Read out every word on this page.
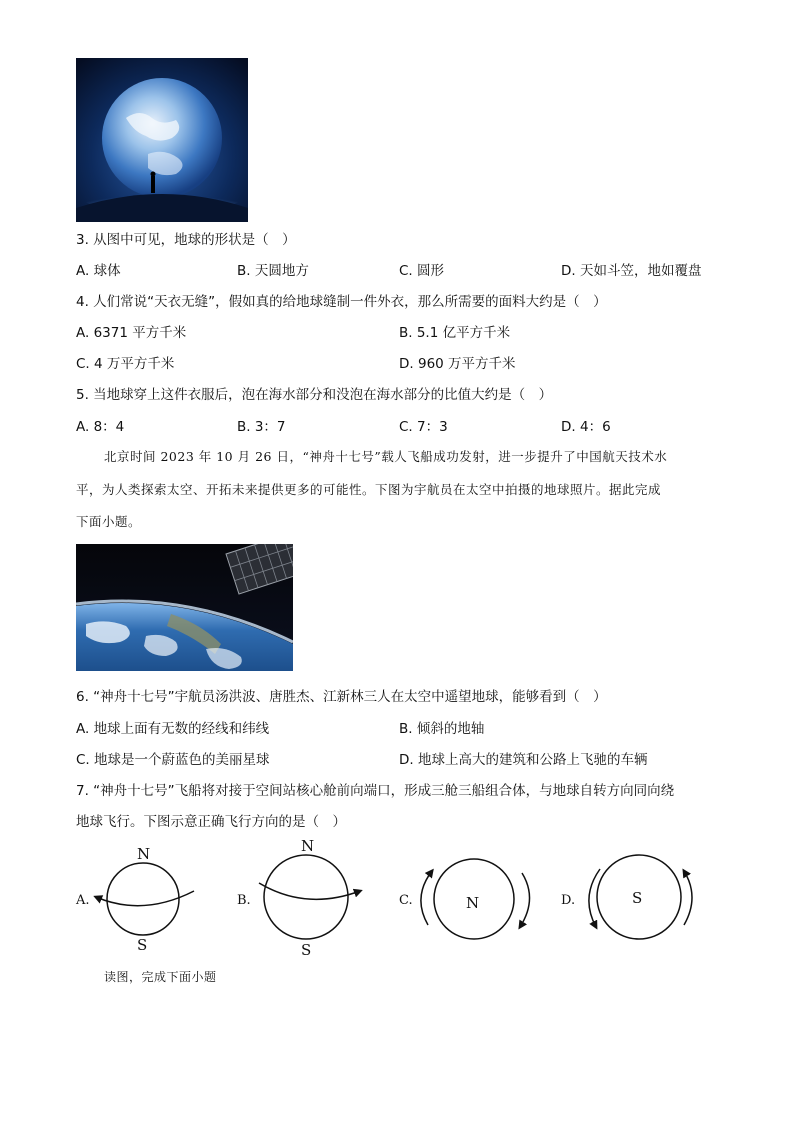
3. 从图中可见，地球的形状是（　）
A. 球体	B. 天圆地方	C. 圆形	D. 天如斗笠，地如覆盘
4. 人们常说“天衣无缝”，假如真的给地球缝制一件外衣，那么所需要的面料大约是（　）
A. 6371 平方千米	B. 5.1 亿平方千米
C. 4 万平方千米	D. 960 万平方千米
5. 当地球穿上这件衣服后，泡在海水部分和没泡在海水部分的比值大约是（　）
A. 8：4	B. 3：7	C. 7：3	D. 4：6
北京时间 2023 年 10 月 26 日，“神舟十七号”载人飞船成功发射，进一步提升了中国航天技术水
平，为人类探索太空、开拓未来提供更多的可能性。下图为宇航员在太空中拍摄的地球照片。据此完成
下面小题。
6. “神舟十七号”宇航员汤洪波、唐胜杰、江新林三人在太空中遥望地球，能够看到（　）
A. 地球上面有无数的经线和纬线	B. 倾斜的地轴
C. 地球是一个蔚蓝色的美丽星球	D. 地球上高大的建筑和公路上飞驰的车辆
7. “神舟十七号”飞船将对接于空间站核心舱前向端口，形成三舱三船组合体，与地球自转方向同向绕
地球飞行。下图示意正确飞行方向的是（　）
A.
N
S
B.
N
S
C.	N	D.	S
读图，完成下面小题
